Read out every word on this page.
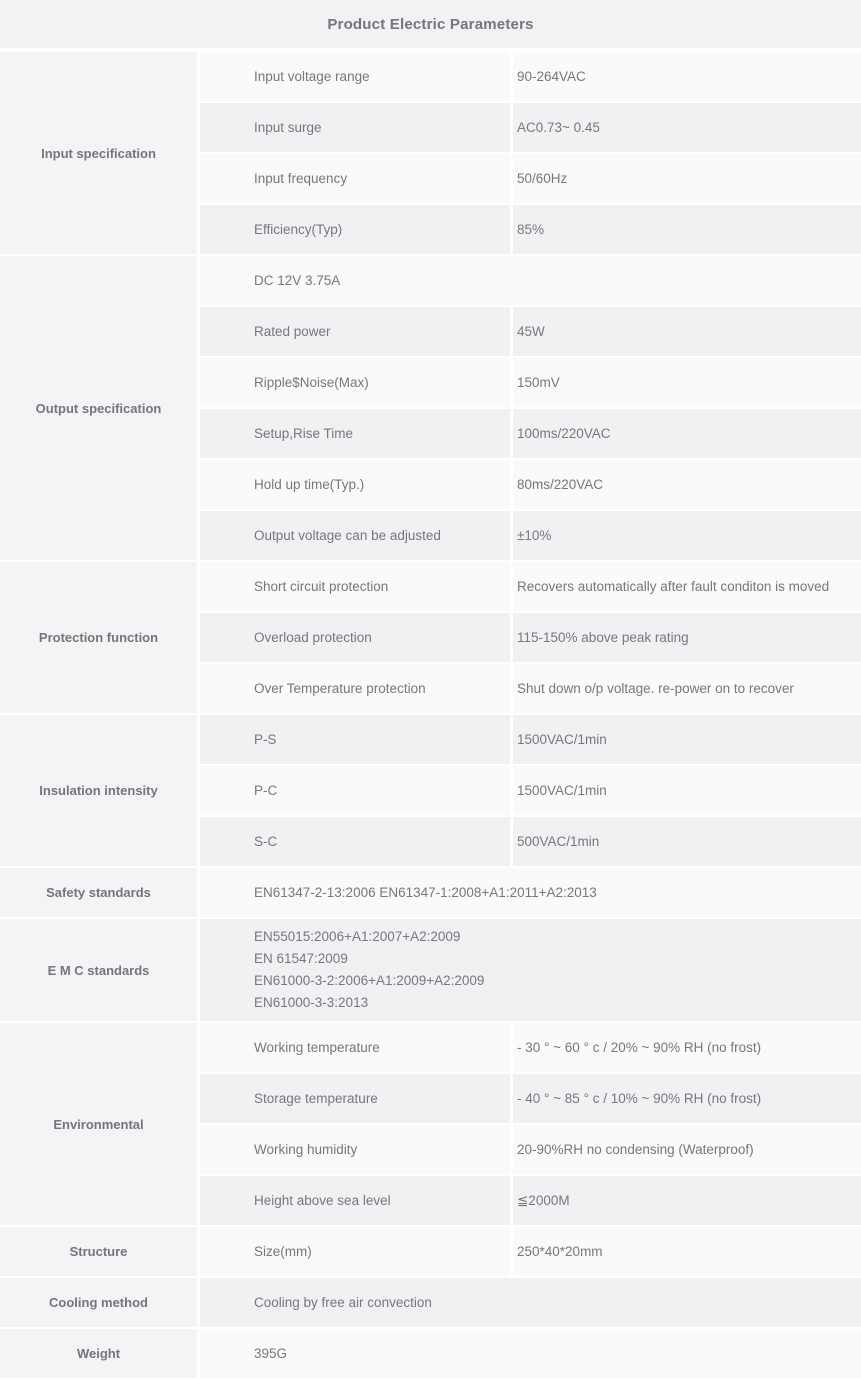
Product Electric Parameters
Input specification
Input voltage range	90-264VAC
Input surge	AC0.73~ 0.45
Input frequency	50/60Hz
Efficiency(Typ)	85%
Output specification
DC 12V 3.75A
Rated power	45W
Ripple$Noise(Max)	150mV
Setup,Rise Time	100ms/220VAC
Hold up time(Typ.)	80ms/220VAC
Output voltage can be adjusted	±10%
Protection function
Short circuit protection	Recovers automatically after fault conditon is moved
Overload protection	115-150% above peak rating
Over Temperature protection	Shut down o/p voltage. re-power on to recover
Insulation intensity
P-S	1500VAC/1min
P-C	1500VAC/1min
S-C	500VAC/1min
Safety standards	EN61347-2-13:2006 EN61347-1:2008+A1:2011+A2:2013
E M C standards
EN55015:2006+A1:2007+A2:2009
EN 61547:2009
EN61000-3-2:2006+A1:2009+A2:2009
EN61000-3-3:2013
Environmental
Working temperature	- 30 ° ~ 60 ° c / 20% ~ 90% RH (no frost)
Storage temperature	- 40 ° ~ 85 ° c / 10% ~ 90% RH (no frost)
Working humidity	20-90%RH no condensing (Waterproof)
Height above sea level	≦2000M
Structure	Size(mm)	250*40*20mm
Cooling method	Cooling by free air convection
Weight	395G
